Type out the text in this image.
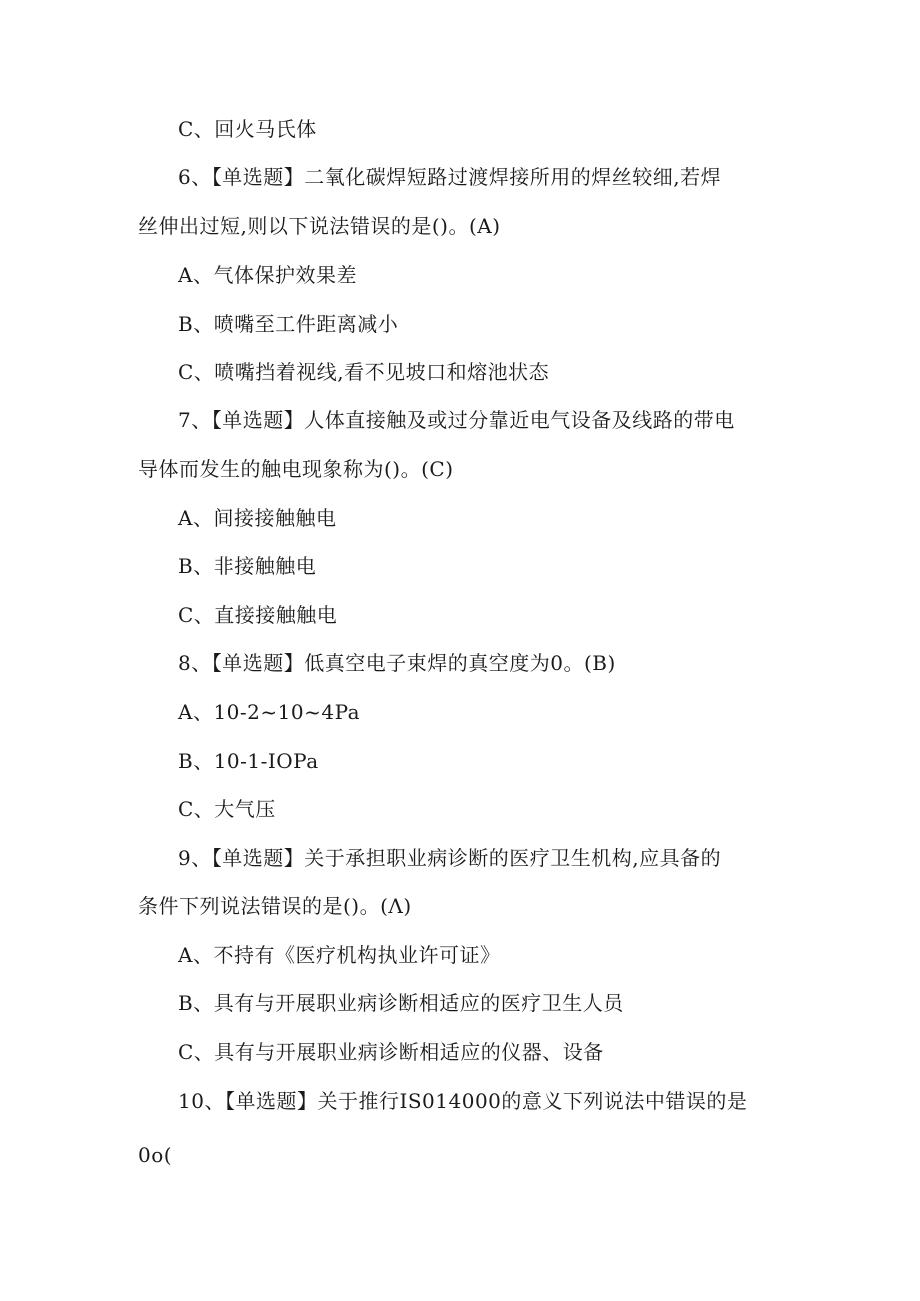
C、回火马氏体
6、【单选题】二氧化碳焊短路过渡焊接所用的焊丝较细,若焊
丝伸出过短,则以下说法错误的是()。(A)
A、气体保护效果差
B、喷嘴至工件距离减小
C、喷嘴挡着视线,看不见坡口和熔池状态
7、【单选题】人体直接触及或过分靠近电气设备及线路的带电
导体而发生的触电现象称为()。(C)
A、间接接触触电
B、非接触触电
C、直接接触触电
8、【单选题】低真空电子束焊的真空度为0。(B)
A、10-2~10~4Pa
B、10-1-IOPa
C、大气压
9、【单选题】关于承担职业病诊断的医疗卫生机构,应具备的
条件下列说法错误的是()。(Λ)
A、不持有《医疗机构执业许可证》
B、具有与开展职业病诊断相适应的医疗卫生人员
C、具有与开展职业病诊断相适应的仪器、设备
10、【单选题】关于推行IS014000的意义下列说法中错误的是
0o(
